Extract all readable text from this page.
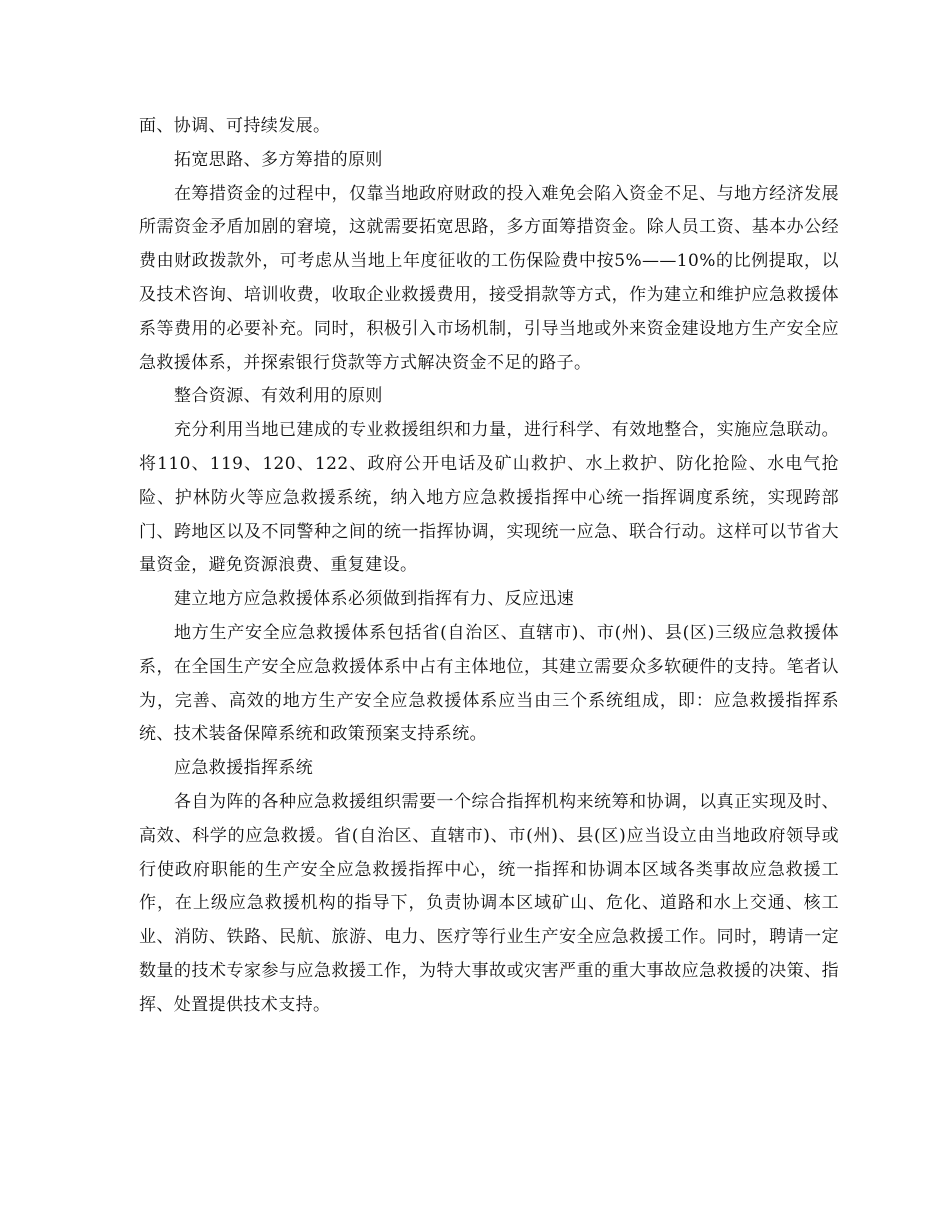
面、协调、可持续发展。

拓宽思路、多方筹措的原则

在筹措资金的过程中，仅靠当地政府财政的投入难免会陷入资金不足、与地方经济发展所需资金矛盾加剧的窘境，这就需要拓宽思路，多方面筹措资金。除人员工资、基本办公经费由财政拨款外，可考虑从当地上年度征收的工伤保险费中按5%——10%的比例提取，以及技术咨询、培训收费，收取企业救援费用，接受捐款等方式，作为建立和维护应急救援体系等费用的必要补充。同时，积极引入市场机制，引导当地或外来资金建设地方生产安全应急救援体系，并探索银行贷款等方式解决资金不足的路子。

整合资源、有效利用的原则

充分利用当地已建成的专业救援组织和力量，进行科学、有效地整合，实施应急联动。将110、119、120、122、政府公开电话及矿山救护、水上救护、防化抢险、水电气抢险、护林防火等应急救援系统，纳入地方应急救援指挥中心统一指挥调度系统，实现跨部门、跨地区以及不同警种之间的统一指挥协调，实现统一应急、联合行动。这样可以节省大量资金，避免资源浪费、重复建设。

建立地方应急救援体系必须做到指挥有力、反应迅速

地方生产安全应急救援体系包括省(自治区、直辖市)、市(州)、县(区)三级应急救援体系，在全国生产安全应急救援体系中占有主体地位，其建立需要众多软硬件的支持。笔者认为，完善、高效的地方生产安全应急救援体系应当由三个系统组成，即：应急救援指挥系统、技术装备保障系统和政策预案支持系统。

应急救援指挥系统

各自为阵的各种应急救援组织需要一个综合指挥机构来统筹和协调，以真正实现及时、高效、科学的应急救援。省(自治区、直辖市)、市(州)、县(区)应当设立由当地政府领导或行使政府职能的生产安全应急救援指挥中心，统一指挥和协调本区域各类事故应急救援工作，在上级应急救援机构的指导下，负责协调本区域矿山、危化、道路和水上交通、核工业、消防、铁路、民航、旅游、电力、医疗等行业生产安全应急救援工作。同时，聘请一定数量的技术专家参与应急救援工作，为特大事故或灾害严重的重大事故应急救援的决策、指挥、处置提供技术支持。
